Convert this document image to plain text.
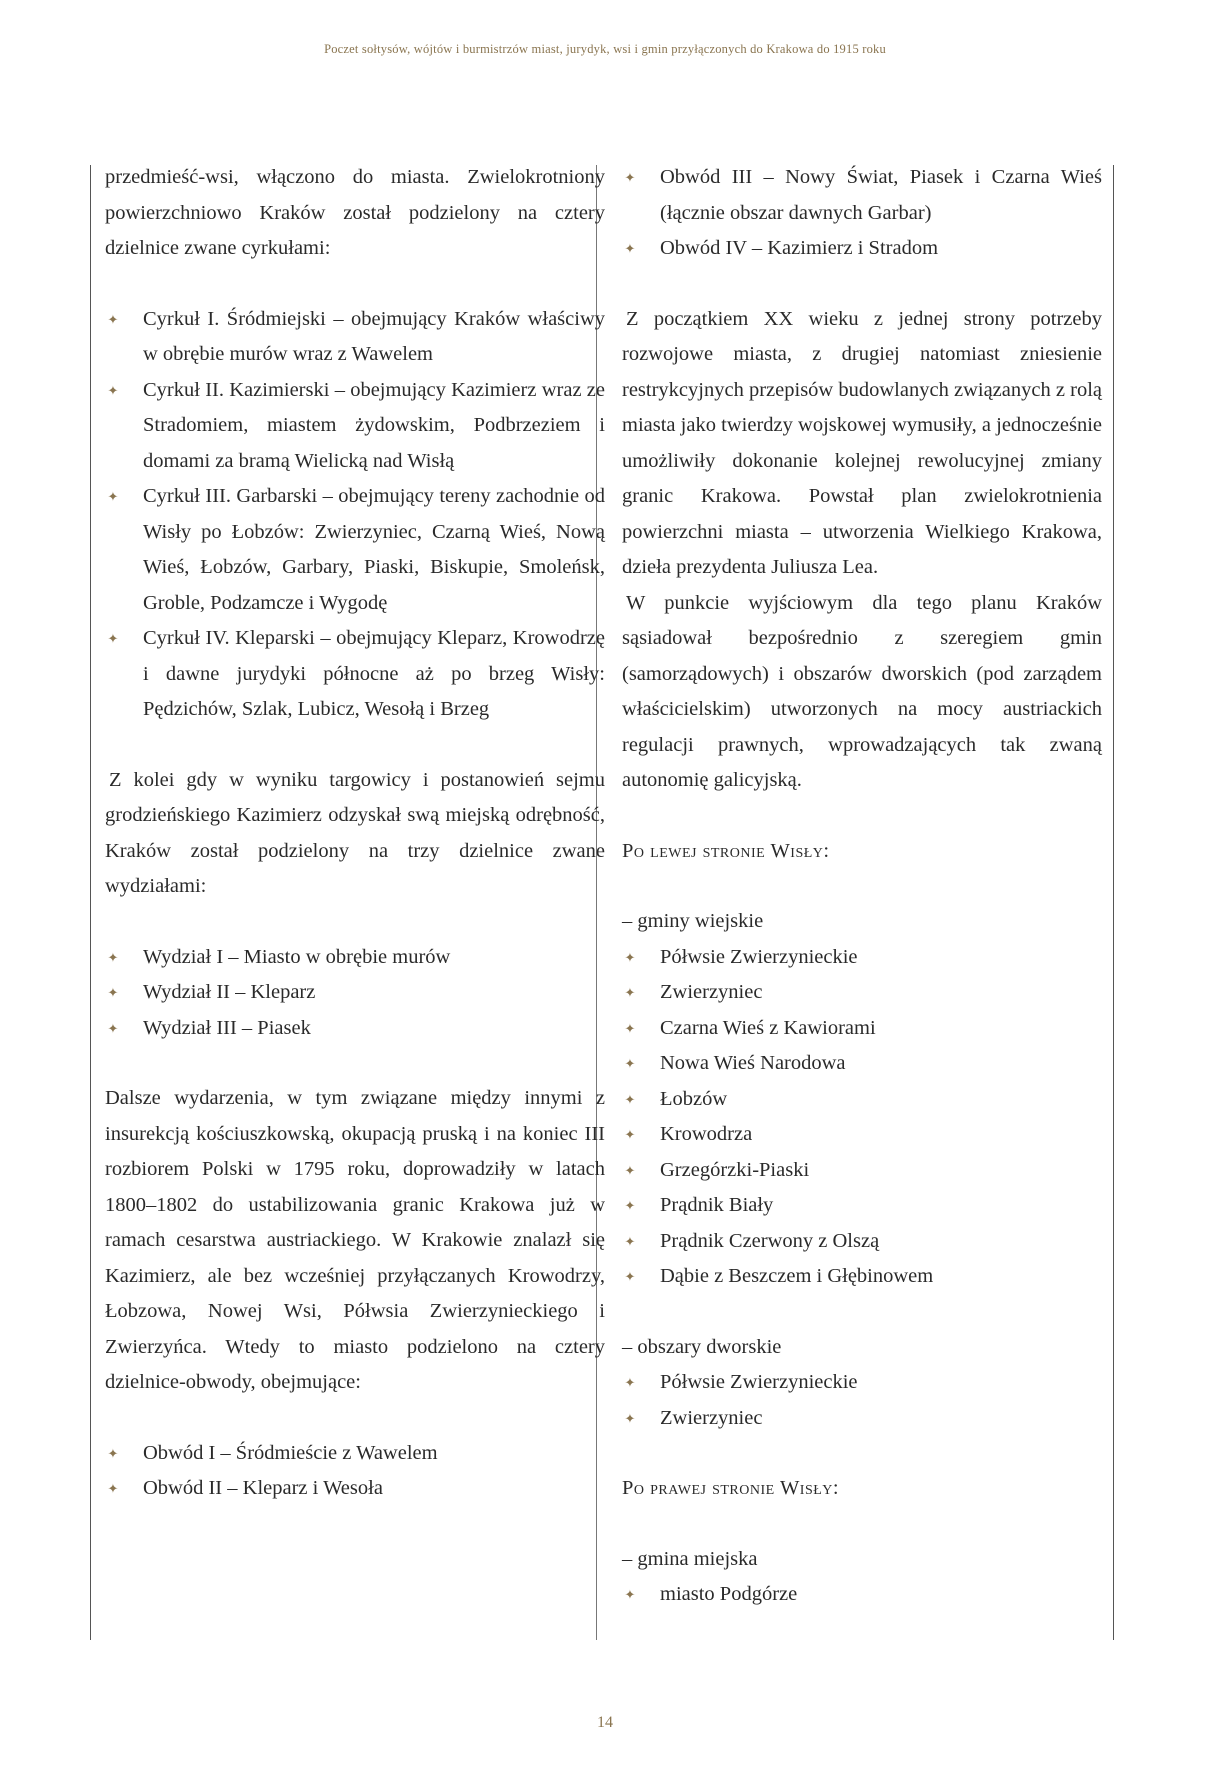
Poczet sołtysów, wójtów i burmistrzów miast, jurydyk, wsi i gmin przyłączonych do Krakowa do 1915 roku

przedmieść-wsi, włączono do miasta. Zwielokrotniony powierzchniowo Kraków został podzielony na cztery dzielnice zwane cyrkułami:

✦ Cyrkuł I. Śródmiejski – obejmujący Kraków właściwy w obrębie murów wraz z Wawelem
✦ Cyrkuł II. Kazimierski – obejmujący Kazimierz wraz ze Stradomiem, miastem żydowskim, Podbrzeziem i domami za bramą Wielicką nad Wisłą
✦ Cyrkuł III. Garbarski – obejmujący tereny zachodnie od Wisły po Łobzów: Zwierzyniec, Czarną Wieś, Nową Wieś, Łobzów, Garbary, Piaski, Biskupie, Smoleńsk, Groble, Podzamcze i Wygodę
✦ Cyrkuł IV. Kleparski – obejmujący Kleparz, Krowodrzę i dawne jurydyki północne aż po brzeg Wisły: Pędzichów, Szlak, Lubicz, Wesołą i Brzeg

Z kolei gdy w wyniku targowicy i postanowień sejmu grodzieńskiego Kazimierz odzyskał swą miejską odrębność, Kraków został podzielony na trzy dzielnice zwane wydziałami:

✦ Wydział I – Miasto w obrębie murów
✦ Wydział II – Kleparz
✦ Wydział III – Piasek

Dalsze wydarzenia, w tym związane między innymi z insurekcją kościuszkowską, okupacją pruską i na koniec III rozbiorem Polski w 1795 roku, doprowadziły w latach 1800–1802 do ustabilizowania granic Krakowa już w ramach cesarstwa austriackiego. W Krakowie znalazł się Kazimierz, ale bez wcześniej przyłączanych Krowodrzy, Łobzowa, Nowej Wsi, Półwsia Zwierzynieckiego i Zwierzyńca. Wtedy to miasto podzielono na cztery dzielnice-obwody, obejmujące:

✦ Obwód I – Śródmieście z Wawelem
✦ Obwód II – Kleparz i Wesoła
✦ Obwód III – Nowy Świat, Piasek i Czarna Wieś (łącznie obszar dawnych Garbar)
✦ Obwód IV – Kazimierz i Stradom

Z początkiem XX wieku z jednej strony potrzeby rozwojowe miasta, z drugiej natomiast zniesienie restrykcyjnych przepisów budowlanych związanych z rolą miasta jako twierdzy wojskowej wymusiły, a jednocześnie umożliwiły dokonanie kolejnej rewolucyjnej zmiany granic Krakowa. Powstał plan zwielokrotnienia powierzchni miasta – utworzenia Wielkiego Krakowa, dzieła prezydenta Juliusza Lea.

W punkcie wyjściowym dla tego planu Kraków sąsiadował bezpośrednio z szeregiem gmin (samorządowych) i obszarów dworskich (pod zarządem właścicielskim) utworzonych na mocy austriackich regulacji prawnych, wprowadzających tak zwaną autonomię galicyjską.

Po lewej stronie Wisły:

– gminy wiejskie

✦ Półwsie Zwierzynieckie
✦ Zwierzyniec
✦ Czarna Wieś z Kawiorami
✦ Nowa Wieś Narodowa
✦ Łobzów
✦ Krowodrza
✦ Grzegórzki-Piaski
✦ Prądnik Biały
✦ Prądnik Czerwony z Olszą
✦ Dąbie z Beszczem i Głębinowem

– obszary dworskie

✦ Półwsie Zwierzynieckie
✦ Zwierzyniec

Po prawej stronie Wisły:

– gmina miejska

✦ miasto Podgórze
14
